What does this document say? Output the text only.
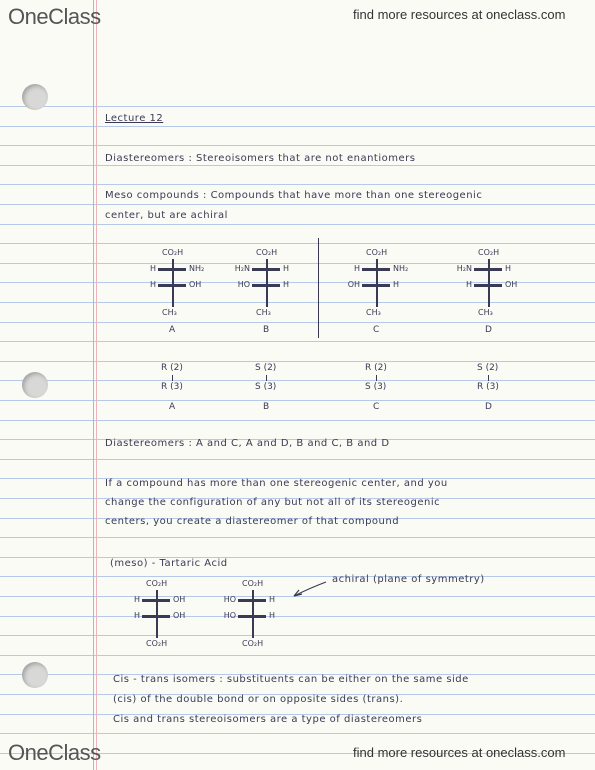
OneClass	find more resources at oneclass.com
OneClass	find more resources at oneclass.com
Lecture 12
Diastereomers : Stereoisomers that are not enantiomers
Meso compounds : Compounds that have more than one stereogenic
center, but are achiral
CO₂H
H	NH₂
H	OH
CH₃
A
R (2)
R (3)
A
CO₂H
H₂N	H
HO	H
CH₃
B
S (2)
S (3)
B
CO₂H
H	NH₂
OH	H
CH₃
C
R (2)
S (3)
C
CO₂H
H₂N	H
H	OH
CH₃
D
S (2)
R (3)
D
Diastereomers : A and C, A and D, B and C, B and D
If a compound has more than one stereogenic center, and you
change the configuration of any but not all of its stereogenic
centers, you create a diastereomer of that compound
(meso) - Tartaric Acid
CO₂H
H	OH
H	OH
CO₂H
CO₂H
HO	H
HO	H
CO₂H
achiral (plane of symmetry)
Cis - trans isomers : substituents can be either on the same side
(cis) of the double bond or on opposite sides (trans).
Cis and trans stereoisomers are a type of diastereomers
